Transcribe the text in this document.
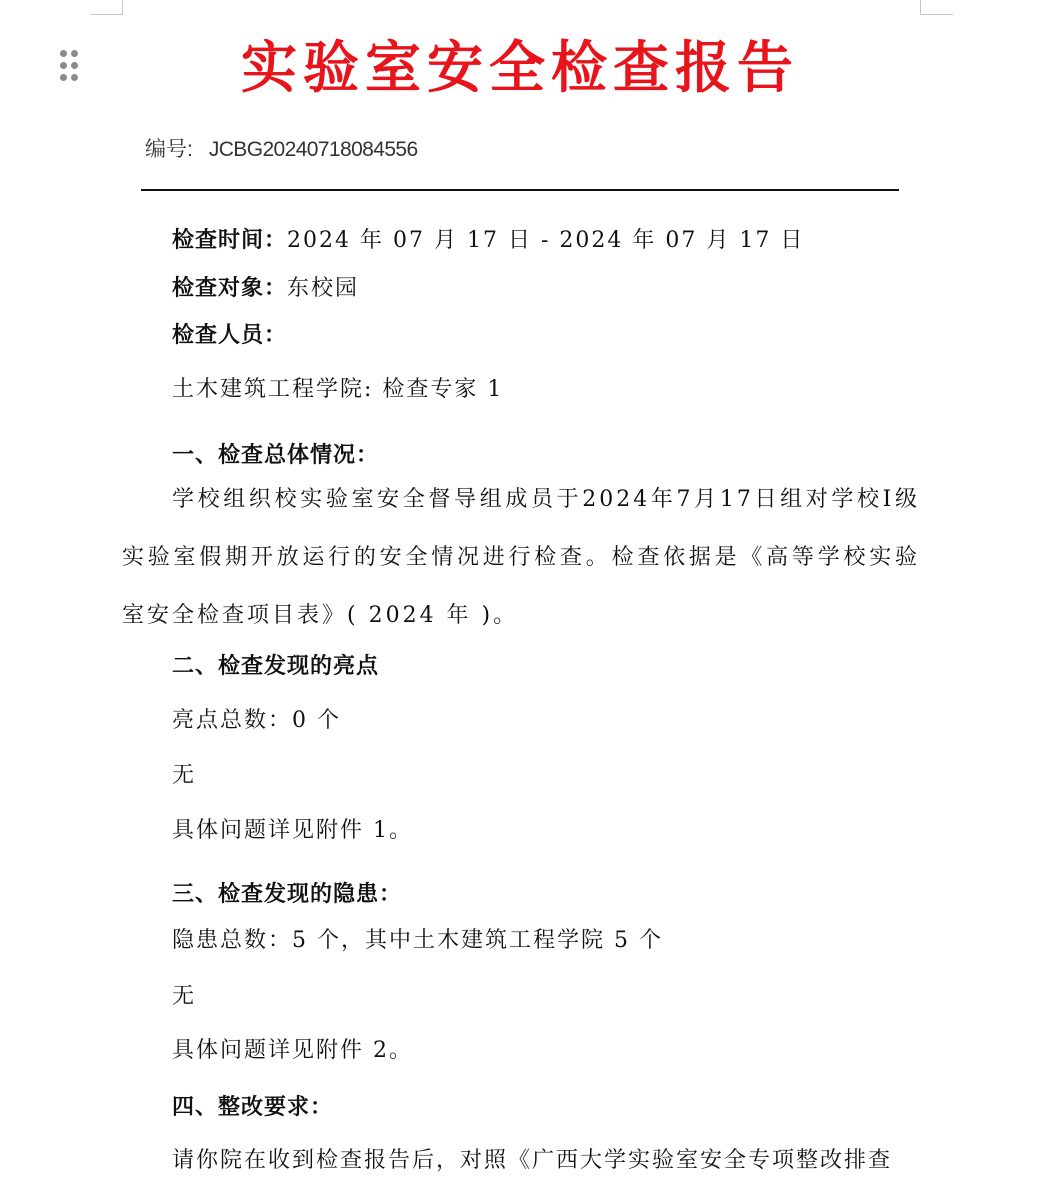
实验室安全检查报告
编号: JCBG20240718084556
检查时间：2024 年 07 月 17 日 - 2024 年 07 月 17 日
检查对象：东校园
检查人员：
土木建筑工程学院: 检查专家 1
一、检查总体情况：
学校组织校实验室安全督导组成员于2024年7月17日组对学校I级实验室假期开放运行的安全情况进行检查。检查依据是《高等学校实验室安全检查项目表》( 2024 年 )。
二、检查发现的亮点
亮点总数：0 个
无
具体问题详见附件 1。
三、检查发现的隐患：
隐患总数：5 个，其中土木建筑工程学院 5 个
无
具体问题详见附件 2。
四、整改要求：
请你院在收到检查报告后，对照《广西大学实验室安全专项整改排查
